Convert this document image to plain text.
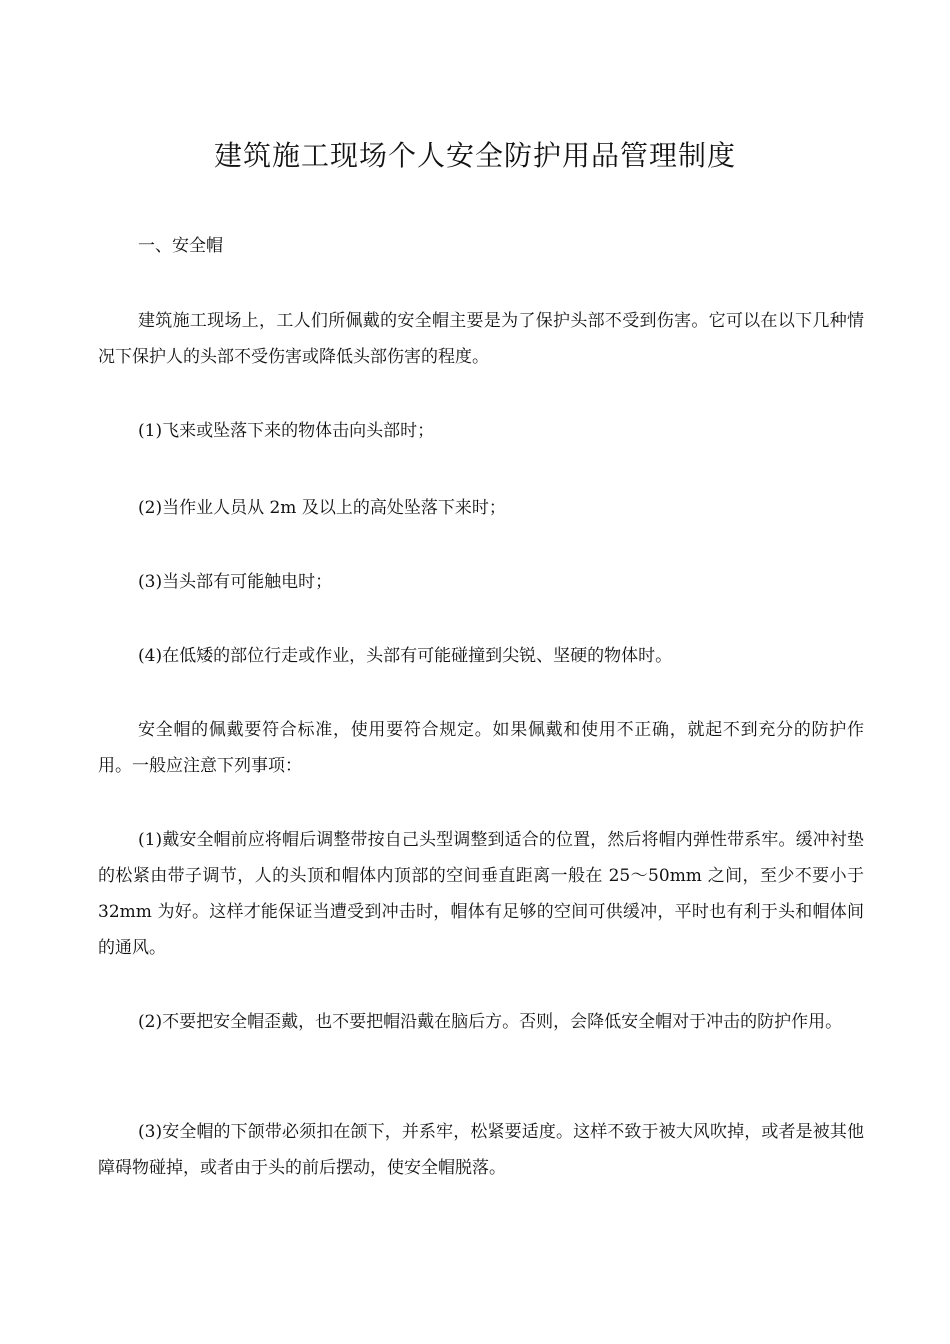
建筑施工现场个人安全防护用品管理制度

一、安全帽

建筑施工现场上，工人们所佩戴的安全帽主要是为了保护头部不受到伤害。它可以在以下几种情况下保护人的头部不受伤害或降低头部伤害的程度。

(1)飞来或坠落下来的物体击向头部时；

(2)当作业人员从 2m 及以上的高处坠落下来时；

(3)当头部有可能触电时；

(4)在低矮的部位行走或作业，头部有可能碰撞到尖锐、坚硬的物体时。

安全帽的佩戴要符合标准，使用要符合规定。如果佩戴和使用不正确，就起不到充分的防护作用。一般应注意下列事项：

(1)戴安全帽前应将帽后调整带按自己头型调整到适合的位置，然后将帽内弹性带系牢。缓冲衬垫的松紧由带子调节，人的头顶和帽体内顶部的空间垂直距离一般在 25～50mm 之间，至少不要小于 32mm 为好。这样才能保证当遭受到冲击时，帽体有足够的空间可供缓冲，平时也有利于头和帽体间的通风。

(2)不要把安全帽歪戴，也不要把帽沿戴在脑后方。否则，会降低安全帽对于冲击的防护作用。

(3)安全帽的下颌带必须扣在颌下，并系牢，松紧要适度。这样不致于被大风吹掉，或者是被其他障碍物碰掉，或者由于头的前后摆动，使安全帽脱落。
